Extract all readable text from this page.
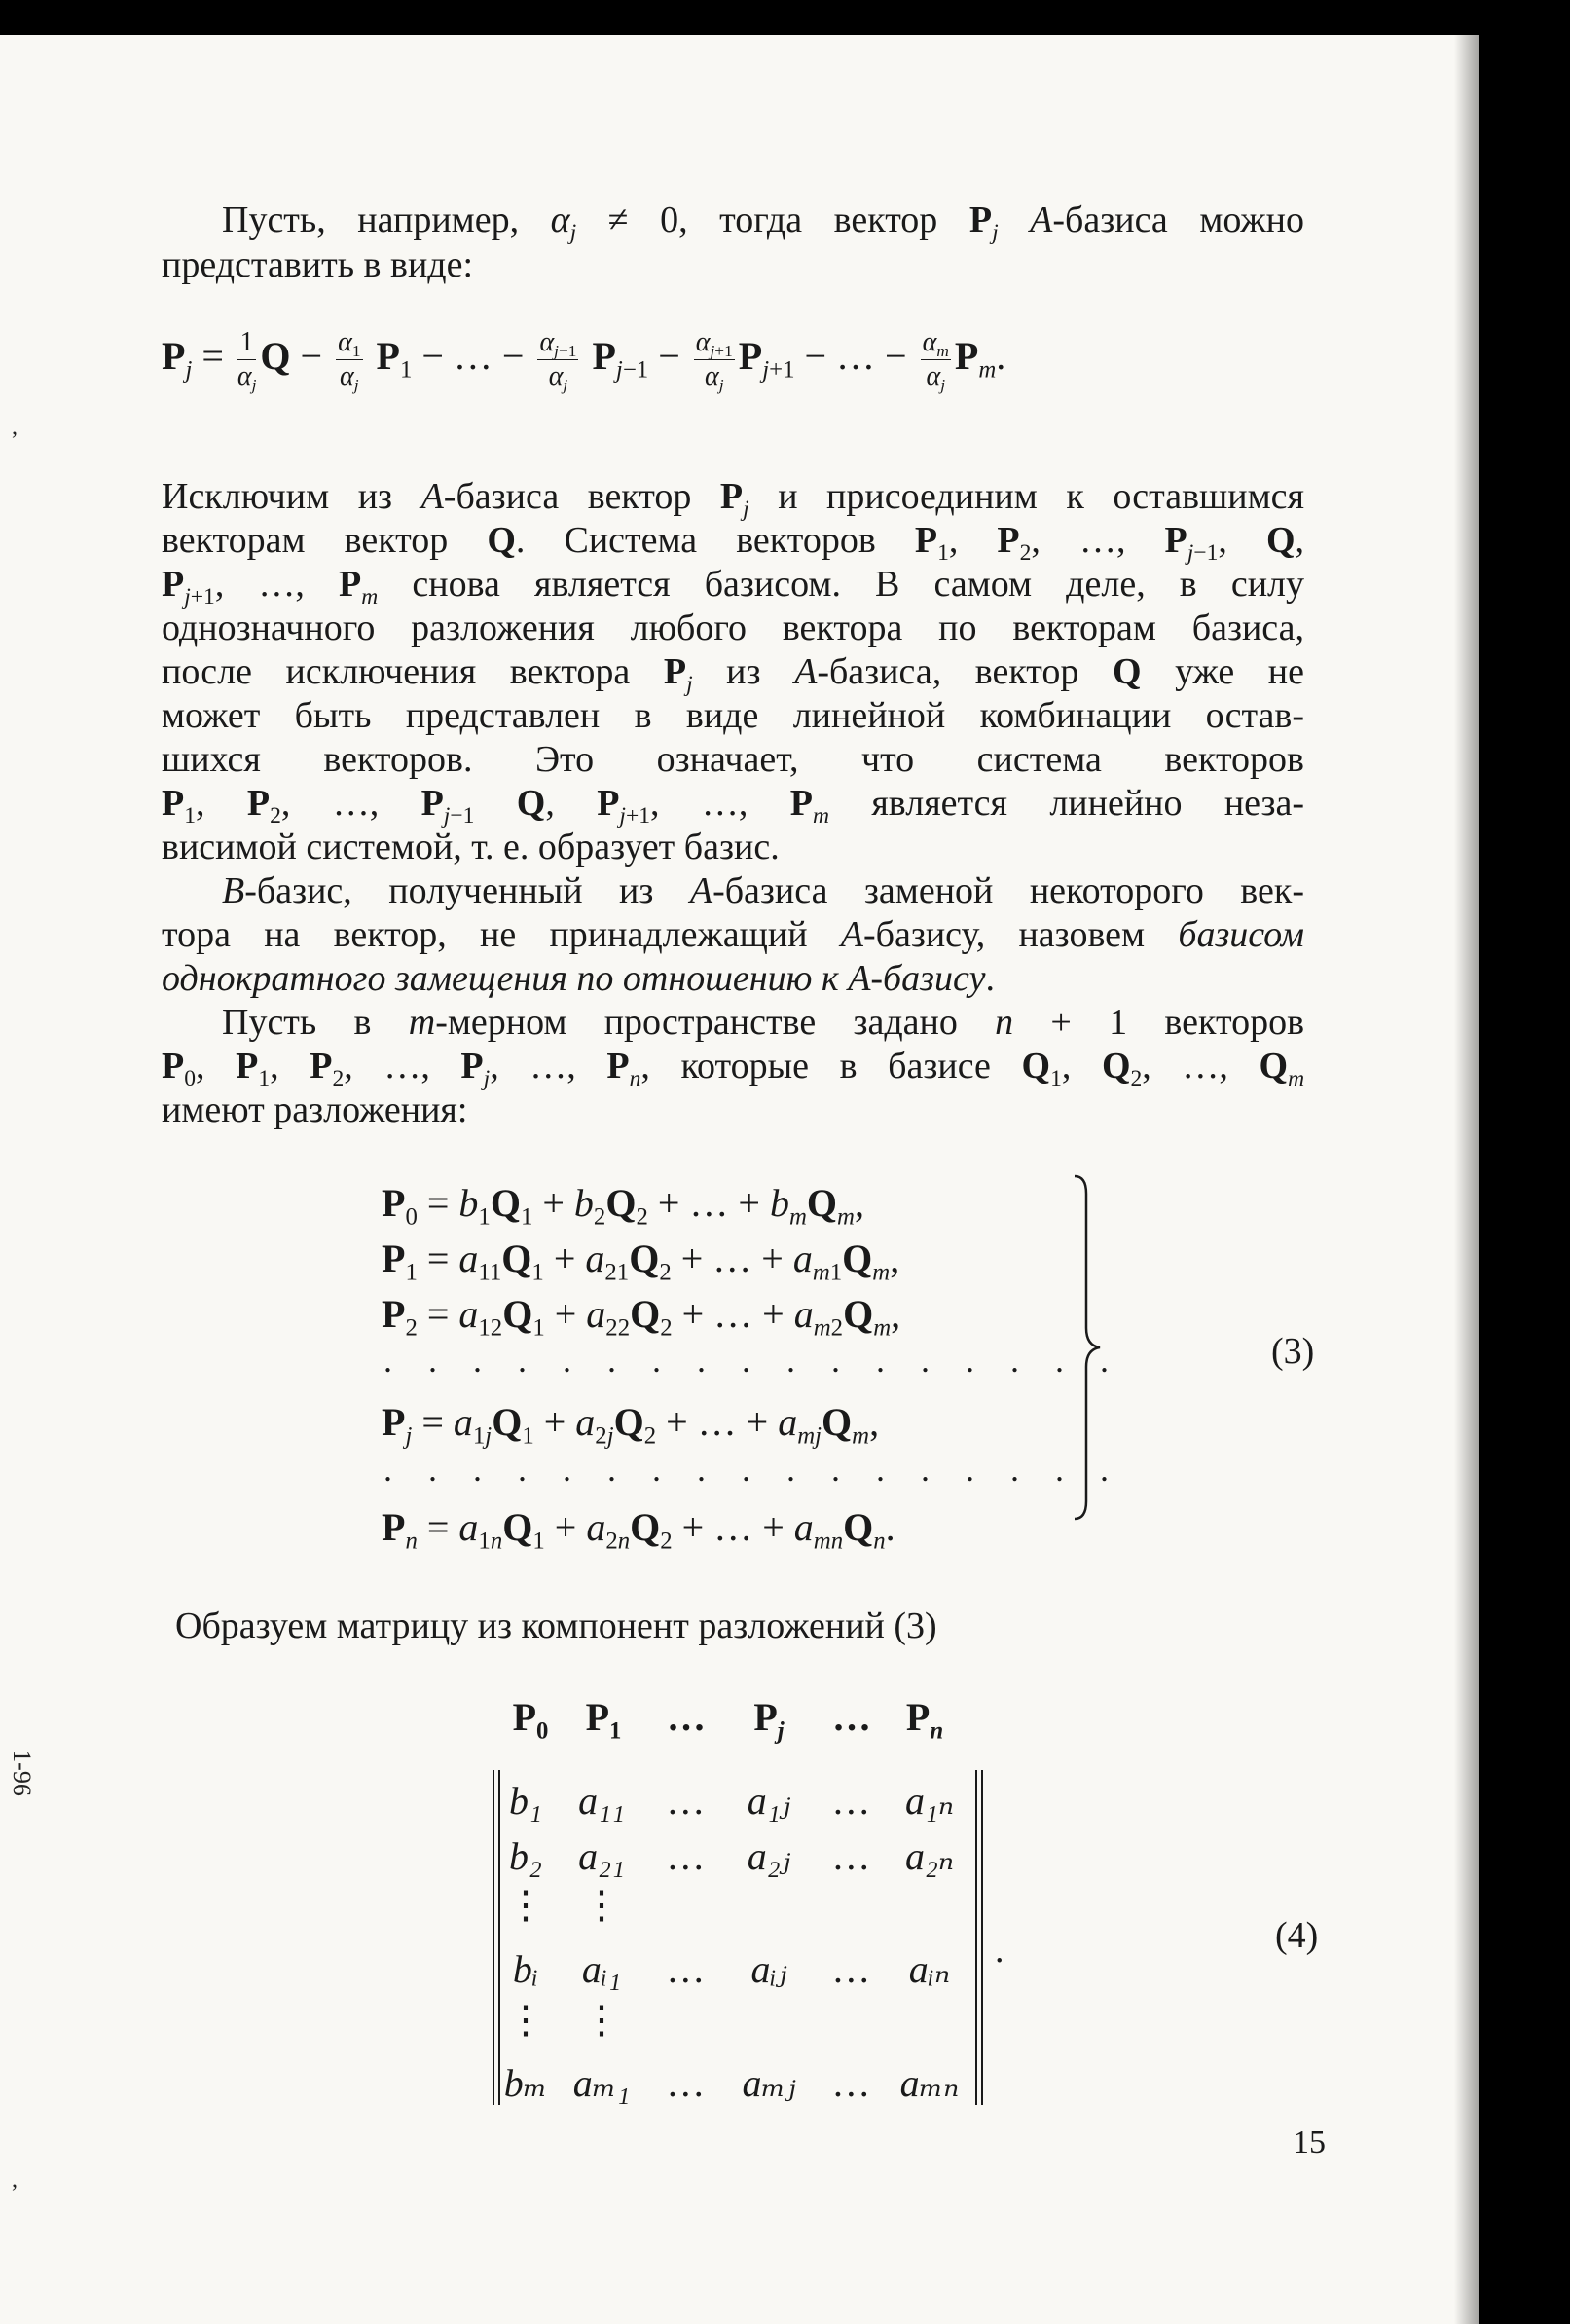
Пусть, например, $\alpha_j \ne 0$, тогда вектор $P_j$ A-базиса можно
представить в виде:
$P_j = \frac{1}{\alpha_j}$ $Q - \frac{\alpha_1}{\alpha_j} P_1$ − … − $\frac{\alpha_{j-1}}{\alpha_j} P_{j-1} - \frac{\alpha_{j+1}}{\alpha_j} P_{j+1}$ − … − $\frac{\alpha_m}{\alpha_j} P_m$.
Исключим из A-базиса вектор $P_j$ и присоединим к оставшимся
векторам вектор Q. Система векторов $P_1$, $P_2$, …, $P_{j-1}$, Q,
$P_{j+1}$, …, $P_m$ снова является базисом. В самом деле, в силу
однозначного разложения любого вектора по векторам базиса,
после исключения вектора $P_j$ из A-базиса, вектор Q уже не
может быть представлен в виде линейной комбинации остав-
шихся векторов. Это означает, что система векторов
$P_1$, $P_2$, …, $P_{j-1}$ Q, $P_{j+1}$, …, $P_m$ является линейно неза-
висимой системой, т. е. образует базис.
B-базис, полученный из A-базиса заменой некоторого век-
тора на вектор, не принадлежащий A-базису, назовем базисом
однократного замещения по отношению к A-базису.
Пусть в m-мерном пространстве задано n + 1 векторов
$P_0$, $P_1$, $P_2$, …, $P_j$, …, $P_n$, которые в базисе $Q_1$, $Q_2$, …, $Q_m$
имеют разложения:
$P_0 = b_1Q_1 + b_2Q_2$ + … + $b_mQ_m$,
$P_1 = a_{11}Q_1 + a_{21}Q_2$ + … + $a_{m1}Q_m$,
$P_2 = a_{12}Q_1 + a_{22}Q_2$ + … + $a_{m2}Q_m$,
. . . . . . . . . . . . . . . . .
$P_j = a_{1j}Q_1 + a_{2j}Q_2$ + … + $a_{mj}Q_m$,
. . . . . . . . . . . . . . . . .
$P_n = a_{1n}Q_1 + a_{2n}Q_2$ + … + $a_{mn}Q_n$.
(3)
Образуем матрицу из компонент разложений (3)
$P_0$ $P_1$	…	$P_j$	… $P_n$
b₁ a₁₁	…	a₁ⱼ	… a₁ₙ
b₂ a₂₁	…	a₂ⱼ	… a₂ₙ
⋮ ⋮
bᵢ	aᵢ₁	…	aᵢⱼ	…	aᵢₙ
⋮ ⋮
bₘ aₘ₁ … aₘⱼ … aₘₙ
.	(4)
15
,
,
1-96
